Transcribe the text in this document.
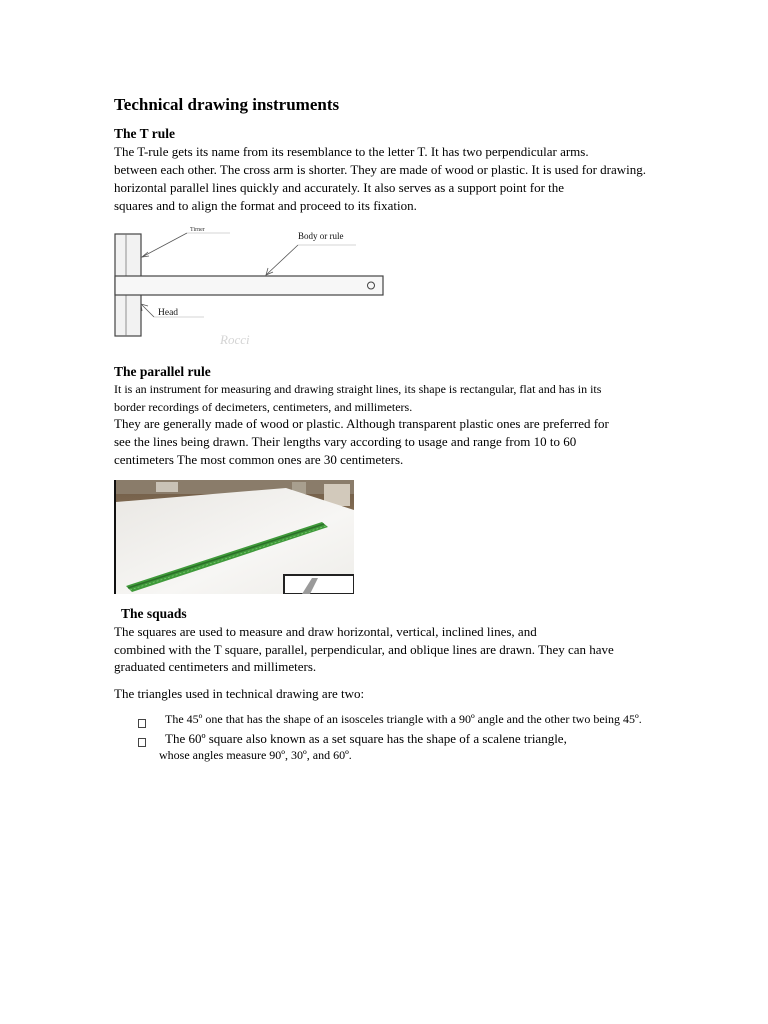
Technical drawing instruments
The T rule
The T-rule gets its name from its resemblance to the letter T. It has two perpendicular arms.
between each other. The cross arm is shorter. They are made of wood or plastic. It is used for drawing.
horizontal parallel lines quickly and accurately. It also serves as a support point for the
squares and to align the format and proceed to its fixation.
Rocci
Tirner
Body or rule
Head
The parallel rule
It is an instrument for measuring and drawing straight lines, its shape is rectangular, flat and has in its
border recordings of decimeters, centimeters, and millimeters.
They are generally made of wood or plastic. Although transparent plastic ones are preferred for
see the lines being drawn. Their lengths vary according to usage and range from 10 to 60
centimeters The most common ones are 30 centimeters.
The squads
The squares are used to measure and draw horizontal, vertical, inclined lines, and
combined with the T square, parallel, perpendicular, and oblique lines are drawn. They can have
graduated centimeters and millimeters.
The triangles used in technical drawing are two:
The 45º one that has the shape of an isosceles triangle with a 90º angle and the other two being 45º.
The 60º square also known as a set square has the shape of a scalene triangle,
whose angles measure 90º, 30º, and 60º.
